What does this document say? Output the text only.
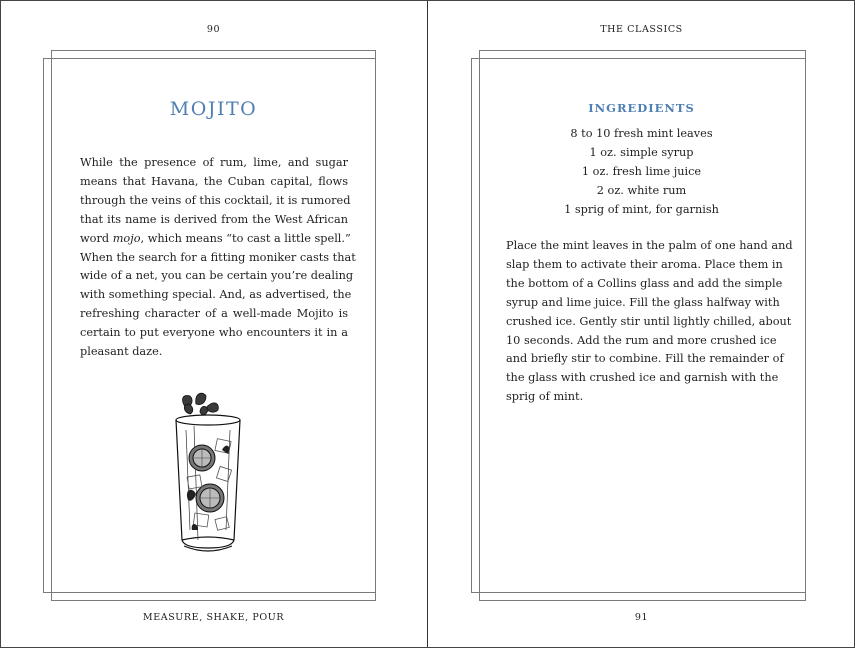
90
MOJITO
While the presence of rum, lime, and sugar
means that Havana, the Cuban capital, flows
through the veins of this cocktail, it is rumored
that its name is derived from the West African
word mojo, which means “to cast a little spell.”
When the search for a fitting moniker casts that
wide of a net, you can be certain you’re dealing
with something special. And, as advertised, the
refreshing character of a well-made Mojito is
certain to put everyone who encounters it in a
pleasant daze.
MEASURE, SHAKE, POUR
THE CLASSICS
INGREDIENTS
8 to 10 fresh mint leaves
1 oz. simple syrup
1 oz. fresh lime juice
2 oz. white rum
1 sprig of mint, for garnish
Place the mint leaves in the palm of one hand and
slap them to activate their aroma. Place them in
the bottom of a Collins glass and add the simple
syrup and lime juice. Fill the glass halfway with
crushed ice. Gently stir until lightly chilled, about
10 seconds. Add the rum and more crushed ice
and briefly stir to combine. Fill the remainder of
the glass with crushed ice and garnish with the
sprig of mint.
91
